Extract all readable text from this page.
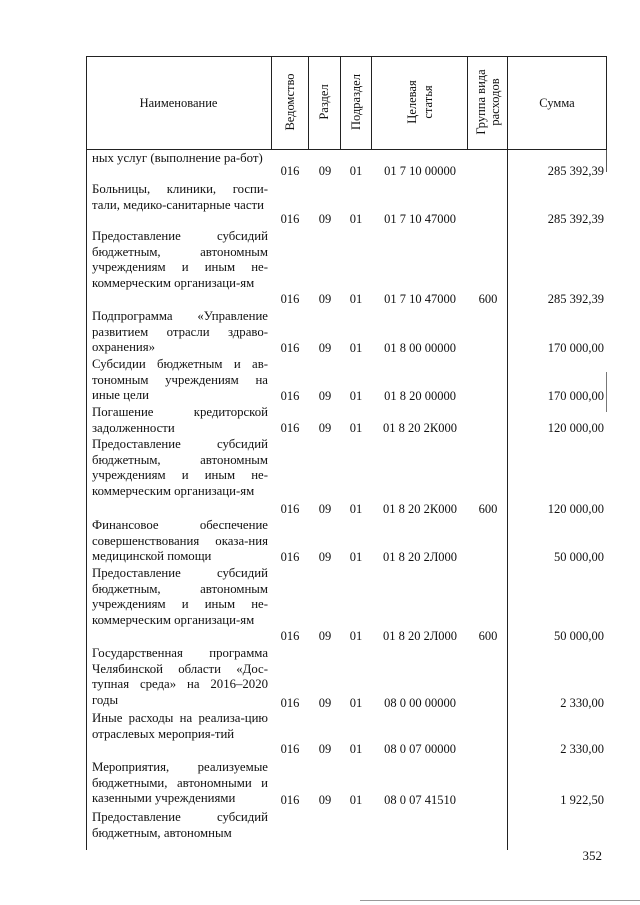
Наименование	Ведомство Раздел Подраздел	Целевая статья	Группа вида расходов	Сумма
ных услуг (выполнение ра-бот)
016	09	01	01 7 10 00000	285 392,39
Больницы, клиники, госпи-тали, медико-санитарные части
016	09	01	01 7 10 47000	285 392,39
Предоставление субсидий бюджетным, автономным учреждениям и иным не-коммерческим организаци-ям
016	09	01	01 7 10 47000	600	285 392,39
Подпрограмма «Управление развитием отрасли здраво-охранения»	016	09	01	01 8 00 00000	170 000,00
Субсидии бюджетным и ав-тономным учреждениям на иные цели	016	09	01	01 8 20 00000	170 000,00
Погашение кредиторской задолженности	016	09	01	01 8 20 2К000	120 000,00
Предоставление субсидий бюджетным, автономным учреждениям и иным не-коммерческим организаци-ям
016	09	01	01 8 20 2К000	600	120 000,00
Финансовое обеспечение совершенствования оказа-ния медицинской помощи	016	09	01	01 8 20 2Л000	50 000,00
Предоставление субсидий бюджетным, автономным учреждениям и иным не-коммерческим организаци-ям
016	09	01	01 8 20 2Л000	600	50 000,00
Государственная программа Челябинской области «Дос-тупная среда» на 2016–2020 годы	016	09	01	08 0 00 00000	2 330,00
Иные расходы на реализа-цию отраслевых мероприя-тий
016	09	01	08 0 07 00000	2 330,00
Мероприятия, реализуемые бюджетными, автономными и казенными учреждениями	016	09	01	08 0 07 41510	1 922,50
Предоставление субсидий бюджетным, автономным
352
